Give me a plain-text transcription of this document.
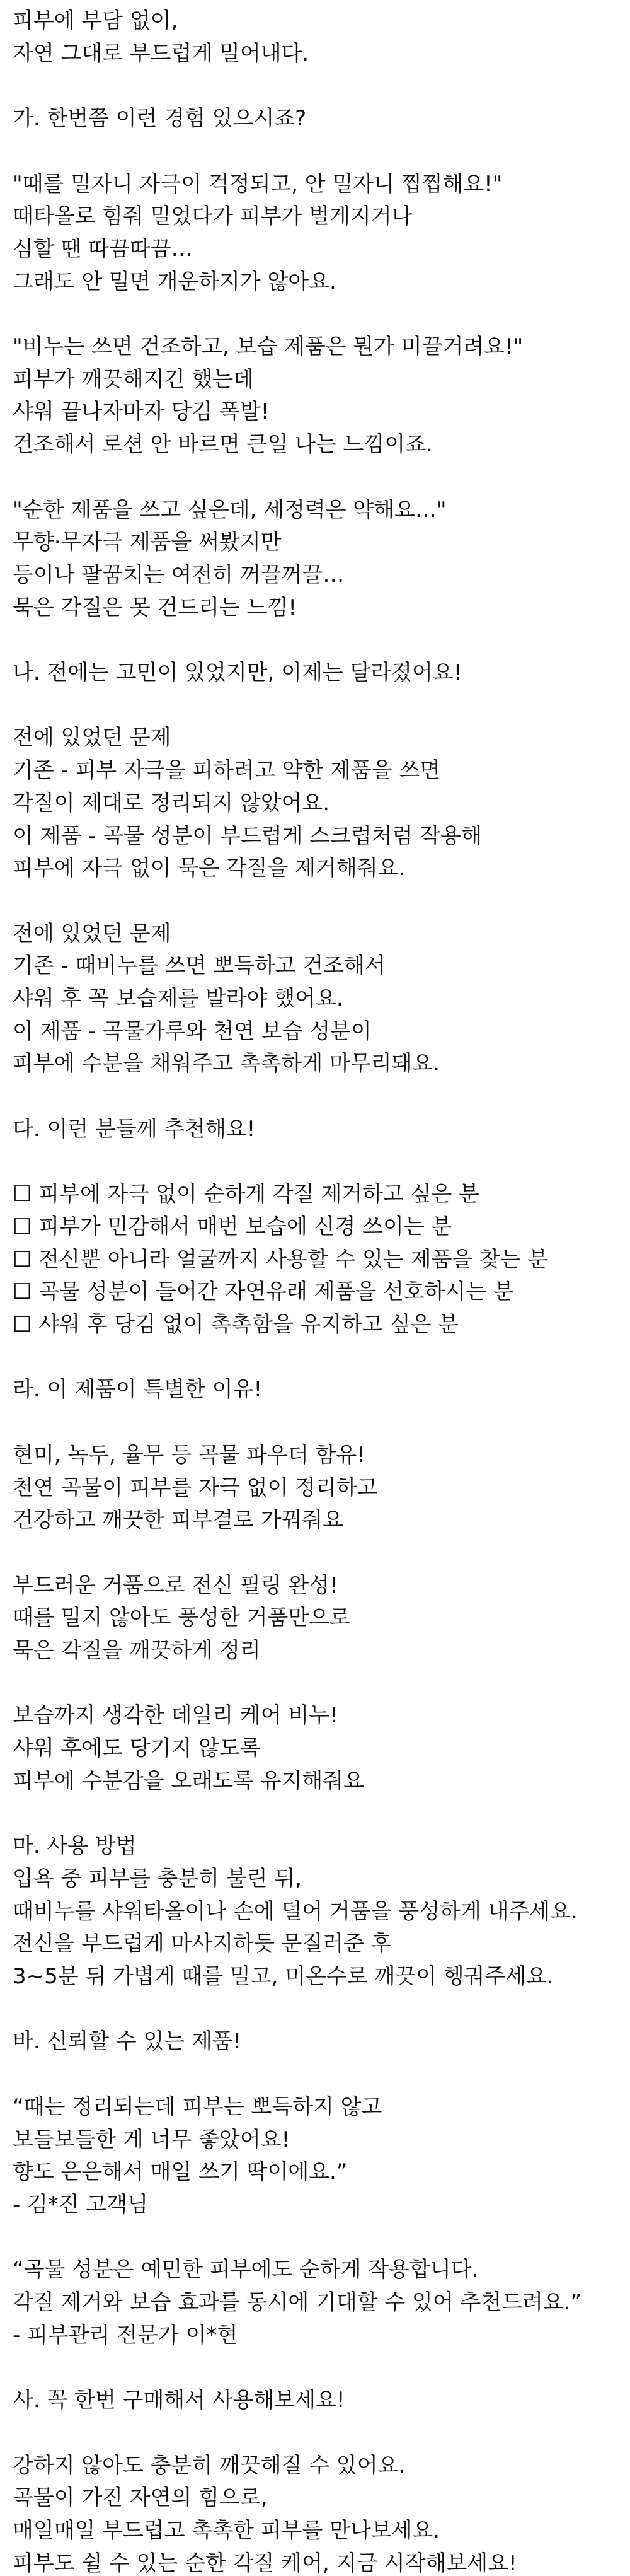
피부에 부담 없이,

자연 그대로 부드럽게 밀어내다.

가. 한번쯤 이런 경험 있으시죠?

"때를 밀자니 자극이 걱정되고, 안 밀자니 찝찝해요!"

때타올로 힘줘 밀었다가 피부가 벌게지거나

심할 땐 따끔따끔…

그래도 안 밀면 개운하지가 않아요.

"비누는 쓰면 건조하고, 보습 제품은 뭔가 미끌거려요!"

피부가 깨끗해지긴 했는데

샤워 끝나자마자 당김 폭발!

건조해서 로션 안 바르면 큰일 나는 느낌이죠.

"순한 제품을 쓰고 싶은데, 세정력은 약해요…"

무향·무자극 제품을 써봤지만

등이나 팔꿈치는 여전히 꺼끌꺼끌…

묵은 각질은 못 건드리는 느낌!

나. 전에는 고민이 있었지만, 이제는 달라졌어요!

전에 있었던 문제

기존 - 피부 자극을 피하려고 약한 제품을 쓰면

각질이 제대로 정리되지 않았어요.

이 제품 - 곡물 성분이 부드럽게 스크럽처럼 작용해

피부에 자극 없이 묵은 각질을 제거해줘요.

전에 있었던 문제

기존 - 때비누를 쓰면 뽀득하고 건조해서

샤워 후 꼭 보습제를 발라야 했어요.

이 제품 - 곡물가루와 천연 보습 성분이

피부에 수분을 채워주고 촉촉하게 마무리돼요.

다. 이런 분들께 추천해요!

☐ 피부에 자극 없이 순하게 각질 제거하고 싶은 분

☐ 피부가 민감해서 매번 보습에 신경 쓰이는 분

☐ 전신뿐 아니라 얼굴까지 사용할 수 있는 제품을 찾는 분

☐ 곡물 성분이 들어간 자연유래 제품을 선호하시는 분

☐ 샤워 후 당김 없이 촉촉함을 유지하고 싶은 분

라. 이 제품이 특별한 이유!

현미, 녹두, 율무 등 곡물 파우더 함유!

천연 곡물이 피부를 자극 없이 정리하고

건강하고 깨끗한 피부결로 가꿔줘요

부드러운 거품으로 전신 필링 완성!

때를 밀지 않아도 풍성한 거품만으로

묵은 각질을 깨끗하게 정리

보습까지 생각한 데일리 케어 비누!

샤워 후에도 당기지 않도록

피부에 수분감을 오래도록 유지해줘요

마. 사용 방법

입욕 중 피부를 충분히 불린 뒤,

때비누를 샤워타올이나 손에 덜어 거품을 풍성하게 내주세요.

전신을 부드럽게 마사지하듯 문질러준 후

3~5분 뒤 가볍게 때를 밀고, 미온수로 깨끗이 헹궈주세요.

바. 신뢰할 수 있는 제품!

“때는 정리되는데 피부는 뽀득하지 않고

보들보들한 게 너무 좋았어요!

향도 은은해서 매일 쓰기 딱이에요.”

- 김*진 고객님

“곡물 성분은 예민한 피부에도 순하게 작용합니다.

각질 제거와 보습 효과를 동시에 기대할 수 있어 추천드려요.”

- 피부관리 전문가 이*현

사. 꼭 한번 구매해서 사용해보세요!

강하지 않아도 충분히 깨끗해질 수 있어요.

곡물이 가진 자연의 힘으로,

매일매일 부드럽고 촉촉한 피부를 만나보세요.

피부도 쉴 수 있는 순한 각질 케어, 지금 시작해보세요!
